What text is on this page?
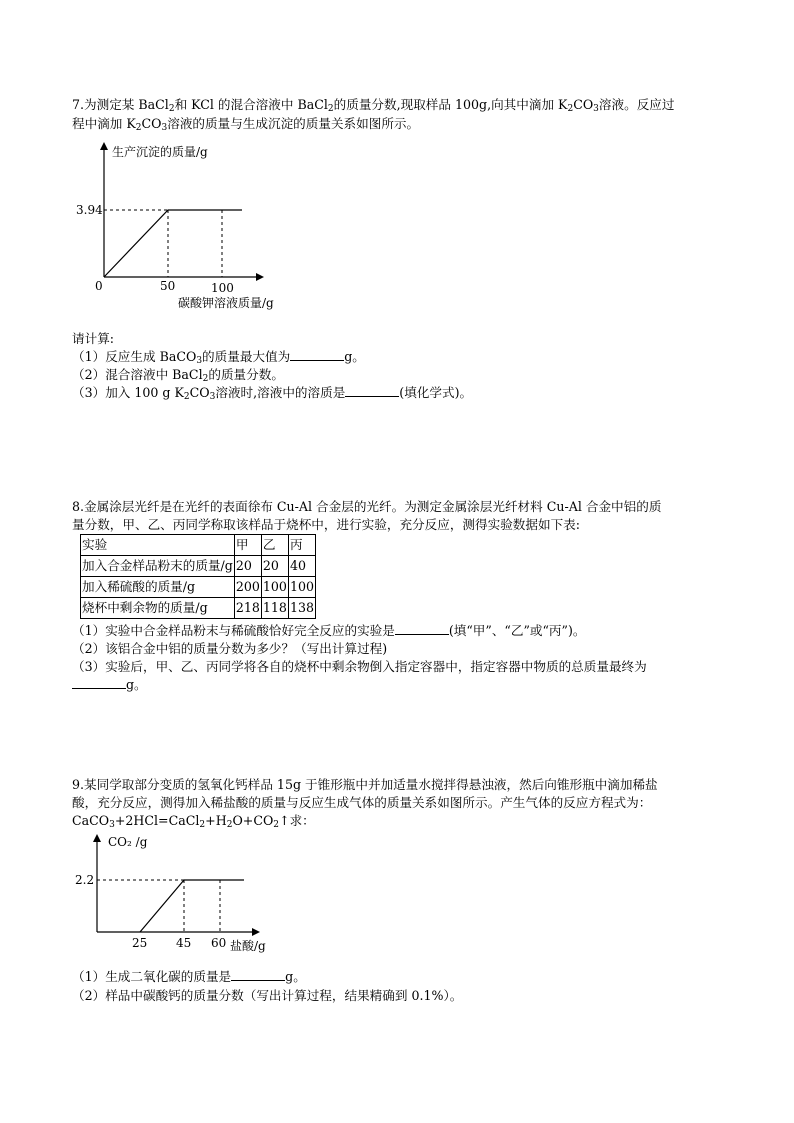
7.为测定某 BaCl$_2$和 KCl 的混合溶液中 BaCl$_2$的质量分数,现取样品 100g,向其中滴加 $K_2CO_3$溶液。反应过
程中滴加 $K_2CO_3$溶液的质量与生成沉淀的质量关系如图所示。
生产沉淀的质量/g
碳酸钾溶液质量/g
0
3.94
50	100
CO₂ /g
盐酸/g
2.2
25 45 60
请计算:
（1）反应生成 BaCO$_3$的质量最大值为	g。
（2）混合溶液中 BaCl$_2$的质量分数。
（3）加入 100 g $K_2CO_3$溶液时,溶液中的溶质是	(填化学式)。
8.金属涂层光纤是在光纤的表面徐布 Cu-Al 合金层的光纤。为测定金属涂层光纤材料 Cu-Al 合金中铝的质
量分数，甲、乙、丙同学称取该样品于烧杯中，进行实验，充分反应，测得实验数据如下表:
实验	甲	乙	丙
加入合金样品粉末的质量/g	20	20	40
加入稀硫酸的质量/g	200	100	100
烧杯中剩余物的质量/g	218	118	138
（1）实验中合金样品粉末与稀硫酸恰好完全反应的实验是	(填“甲”、“乙”或“丙”)。
（2）该铝合金中铝的质量分数为多少？（写出计算过程)
（3）实验后，甲、乙、丙同学将各自的烧杯中剩余物倒入指定容器中，指定容器中物质的总质量最终为
g。
9.某同学取部分变质的氢氧化钙样品 15g 于锥形瓶中并加适量水搅拌得悬浊液，然后向锥形瓶中滴加稀盐
酸，充分反应，测得加入稀盐酸的质量与反应生成气体的质量关系如图所示。产生气体的反应方程式为：
$CaCO_3+2HCl=CaCl_2+H_2O+CO_2↑$求：
（1）生成二氧化碳的质量是	g。
（2）样品中碳酸钙的质量分数（写出计算过程，结果精确到 0.1%）。
